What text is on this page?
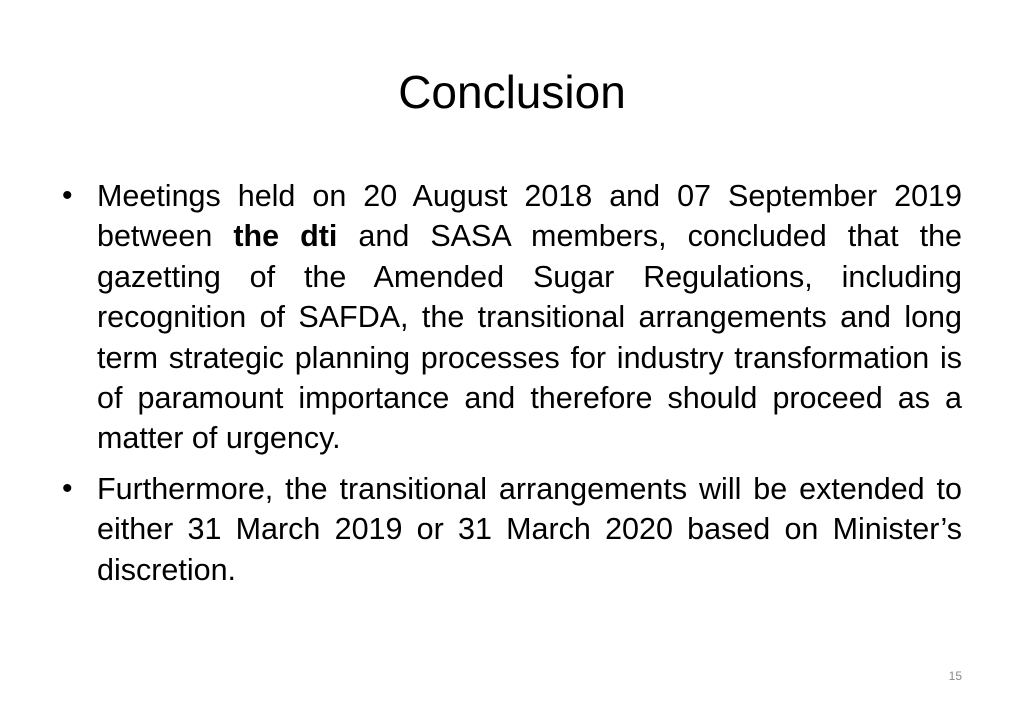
Conclusion
• Meetings held on 20 August 2018 and 07 September 2019 between the dti and SASA members, concluded that the gazetting of the Amended Sugar Regulations, including recognition of SAFDA, the transitional arrangements and long term strategic planning processes for industry transformation is of paramount importance and therefore should proceed as a matter of urgency.
• Furthermore, the transitional arrangements will be extended to either 31 March 2019 or 31 March 2020 based on Minister’s discretion.
15
